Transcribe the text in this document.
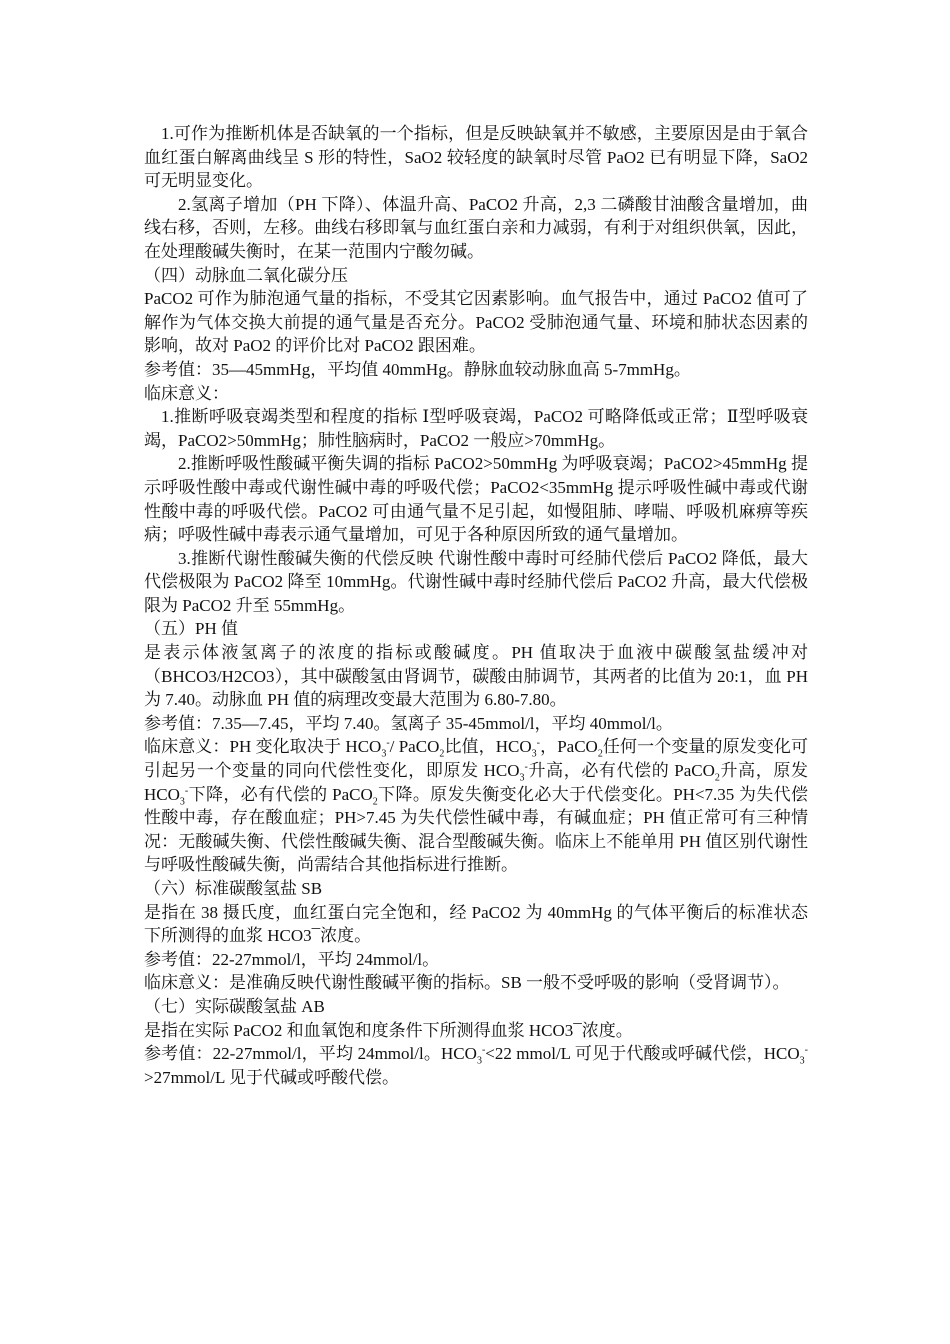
1.可作为推断机体是否缺氧的一个指标，但是反映缺氧并不敏感，主要原因是由于氧合血红蛋白解离曲线呈 S 形的特性，SaO2 较轻度的缺氧时尽管 PaO2 已有明显下降，SaO2 可无明显变化。

2.氢离子增加（PH 下降）、体温升高、PaCO2 升高，2,3 二磷酸甘油酸含量增加，曲线右移，否则，左移。曲线右移即氧与血红蛋白亲和力减弱，有利于对组织供氧，因此，在处理酸碱失衡时，在某一范围内宁酸勿碱。

（四）动脉血二氧化碳分压

PaCO2 可作为肺泡通气量的指标，不受其它因素影响。血气报告中，通过 PaCO2 值可了解作为气体交换大前提的通气量是否充分。PaCO2 受肺泡通气量、环境和肺状态因素的影响，故对 PaO2 的评价比对 PaCO2 跟困难。

参考值：35—45mmHg，平均值 40mmHg。静脉血较动脉血高 5-7mmHg。

临床意义：

1.推断呼吸衰竭类型和程度的指标 Ⅰ型呼吸衰竭，PaCO2 可略降低或正常；Ⅱ型呼吸衰竭，PaCO2>50mmHg；肺性脑病时，PaCO2 一般应>70mmHg。

2.推断呼吸性酸碱平衡失调的指标 PaCO2>50mmHg 为呼吸衰竭；PaCO2>45mmHg 提示呼吸性酸中毒或代谢性碱中毒的呼吸代偿；PaCO2<35mmHg 提示呼吸性碱中毒或代谢性酸中毒的呼吸代偿。PaCO2 可由通气量不足引起，如慢阻肺、哮喘、呼吸机麻痹等疾病；呼吸性碱中毒表示通气量增加，可见于各种原因所致的通气量增加。

3.推断代谢性酸碱失衡的代偿反映 代谢性酸中毒时可经肺代偿后 PaCO2 降低，最大代偿极限为 PaCO2 降至 10mmHg。代谢性碱中毒时经肺代偿后 PaCO2 升高，最大代偿极限为 PaCO2 升至 55mmHg。

（五）PH 值

是表示体液氢离子的浓度的指标或酸碱度。PH 值取决于血液中碳酸氢盐缓冲对（BHCO3/H2CO3），其中碳酸氢由肾调节，碳酸由肺调节，其两者的比值为 20:1，血 PH 为 7.40。动脉血 PH 值的病理改变最大范围为 6.80-7.80。

参考值：7.35—7.45，平均 7.40。氢离子 35-45mmol/l，平均 40mmol/l。

临床意义：PH 变化取决于 $HCO_3^-/$ PaCO$_2$比值，$HCO_3^-$，PaCO$_2$任何一个变量的原发变化可引起另一个变量的同向代偿性变化，即原发 $HCO_3^-$升高，必有代偿的 PaCO$_2$升高，原发 $HCO_3^-$下降，必有代偿的 PaCO$_2$下降。原发失衡变化必大于代偿变化。PH<7.35 为失代偿性酸中毒，存在酸血症；PH>7.45 为失代偿性碱中毒，有碱血症；PH 值正常可有三种情况：无酸碱失衡、代偿性酸碱失衡、混合型酸碱失衡。临床上不能单用 PH 值区别代谢性与呼吸性酸碱失衡，尚需结合其他指标进行推断。

（六）标准碳酸氢盐 SB

是指在 38 摄氏度，血红蛋白完全饱和，经 PaCO2 为 40mmHg 的气体平衡后的标准状态下所测得的血浆 HCO3¯浓度。

参考值：22-27mmol/l，平均 24mmol/l。

临床意义：是准确反映代谢性酸碱平衡的指标。SB 一般不受呼吸的影响（受肾调节）。

（七）实际碳酸氢盐 AB

是指在实际 PaCO2 和血氧饱和度条件下所测得血浆 HCO3¯浓度。

参考值：22-27mmol/l，平均 24mmol/l。$HCO_3^-<22$ mmol/L 可见于代酸或呼碱代偿，$HCO_3^->27mmol/L$ 见于代碱或呼酸代偿。
